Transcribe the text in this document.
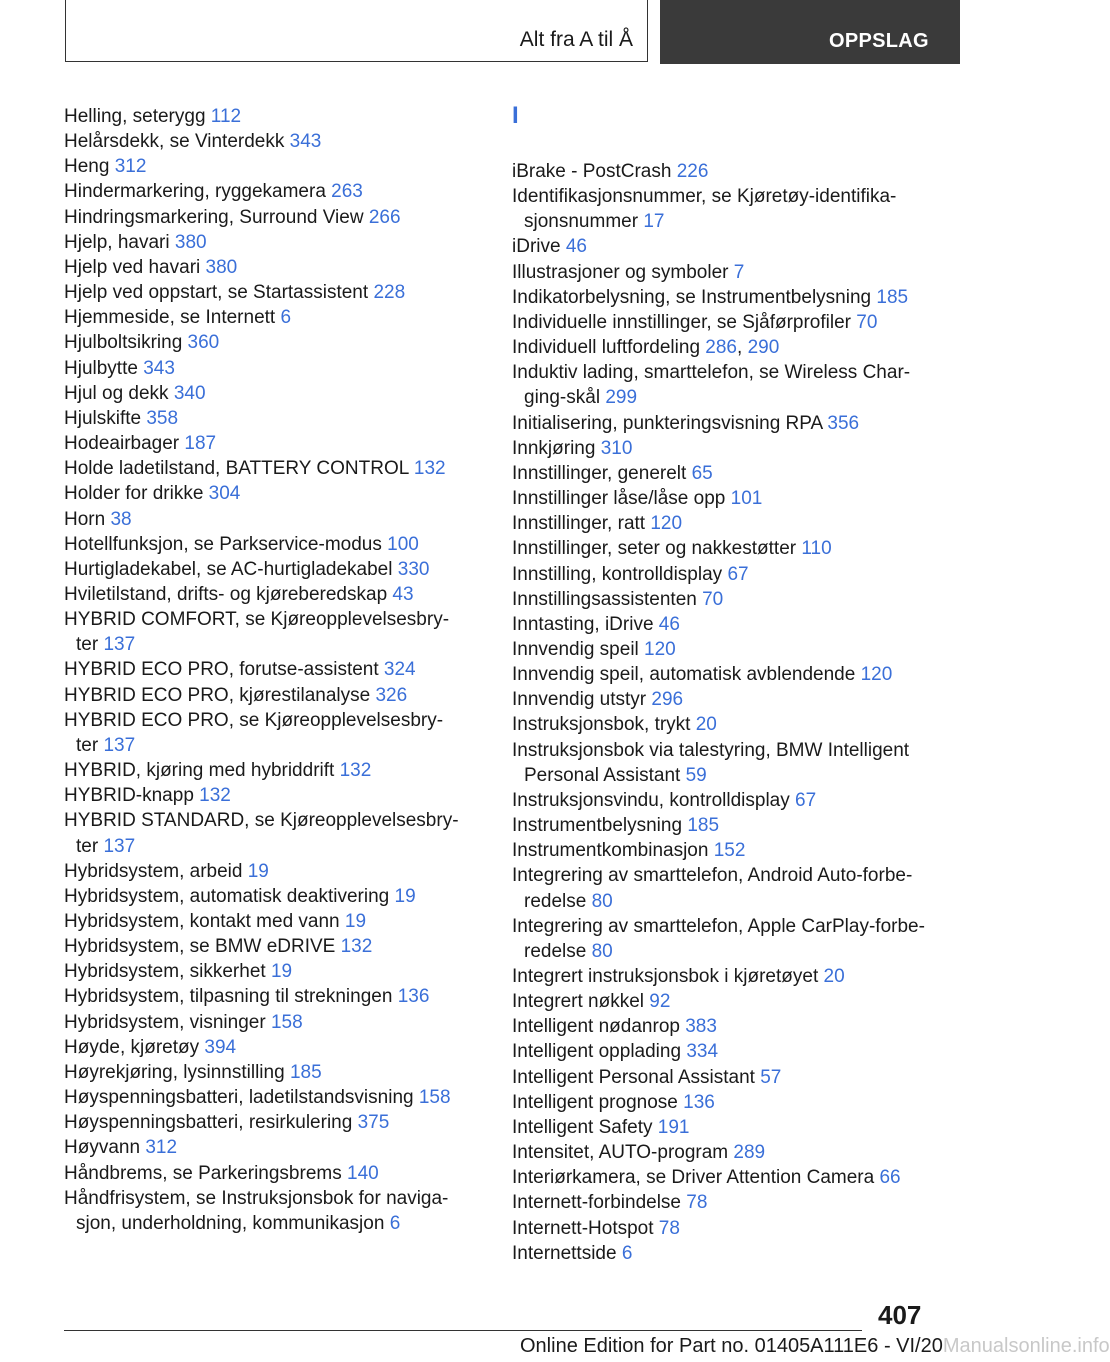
Alt fra A til Å	OPPSLAG
Helling, seterygg 112
Helårsdekk, se Vinterdekk 343
Heng 312
Hindermarkering, ryggekamera 263
Hindringsmarkering, Surround View 266
Hjelp, havari 380
Hjelp ved havari 380
Hjelp ved oppstart, se Startassistent 228
Hjemmeside, se Internett 6
Hjulboltsikring 360
Hjulbytte 343
Hjul og dekk 340
Hjulskifte 358
Hodeairbager 187
Holde ladetilstand, BATTERY CONTROL 132
Holder for drikke 304
Horn 38
Hotellfunksjon, se Parkservice-modus 100
Hurtigladekabel, se AC-hurtigladekabel 330
Hviletilstand, drifts- og kjøreberedskap 43
HYBRID COMFORT, se Kjøreopplevelsesbry-
ter 137
HYBRID ECO PRO, forutse-assistent 324
HYBRID ECO PRO, kjørestilanalyse 326
HYBRID ECO PRO, se Kjøreopplevelsesbry-
ter 137
HYBRID, kjøring med hybriddrift 132
HYBRID-knapp 132
HYBRID STANDARD, se Kjøreopplevelsesbry-
ter 137
Hybridsystem, arbeid 19
Hybridsystem, automatisk deaktivering 19
Hybridsystem, kontakt med vann 19
Hybridsystem, se BMW eDRIVE 132
Hybridsystem, sikkerhet 19
Hybridsystem, tilpasning til strekningen 136
Hybridsystem, visninger 158
Høyde, kjøretøy 394
Høyrekjøring, lysinnstilling 185
Høyspenningsbatteri, ladetilstandsvisning 158
Høyspenningsbatteri, resirkulering 375
Høyvann 312
Håndbrems, se Parkeringsbrems 140
Håndfrisystem, se Instruksjonsbok for naviga-
sjon, underholdning, kommunikasjon 6
I
iBrake - PostCrash 226
Identifikasjonsnummer, se Kjøretøy-identifika-
sjonsnummer 17
iDrive 46
Illustrasjoner og symboler 7
Indikatorbelysning, se Instrumentbelysning 185
Individuelle innstillinger, se Sjåførprofiler 70
Individuell luftfordeling 286, 290
Induktiv lading, smarttelefon, se Wireless Char-
ging-skål 299
Initialisering, punkteringsvisning RPA 356
Innkjøring 310
Innstillinger, generelt 65
Innstillinger låse/låse opp 101
Innstillinger, ratt 120
Innstillinger, seter og nakkestøtter 110
Innstilling, kontrolldisplay 67
Innstillingsassistenten 70
Inntasting, iDrive 46
Innvendig speil 120
Innvendig speil, automatisk avblendende 120
Innvendig utstyr 296
Instruksjonsbok, trykt 20
Instruksjonsbok via talestyring, BMW Intelligent
Personal Assistant 59
Instruksjonsvindu, kontrolldisplay 67
Instrumentbelysning 185
Instrumentkombinasjon 152
Integrering av smarttelefon, Android Auto-forbe-
redelse 80
Integrering av smarttelefon, Apple CarPlay-forbe-
redelse 80
Integrert instruksjonsbok i kjøretøyet 20
Integrert nøkkel 92
Intelligent nødanrop 383
Intelligent opplading 334
Intelligent Personal Assistant 57
Intelligent prognose 136
Intelligent Safety 191
Intensitet, AUTO-program 289
Interiørkamera, se Driver Attention Camera 66
Internett-forbindelse 78
Internett-Hotspot 78
Internettside 6
407
Online Edition for Part no. 01405A111E6 - VI/20Manualsonline.info
